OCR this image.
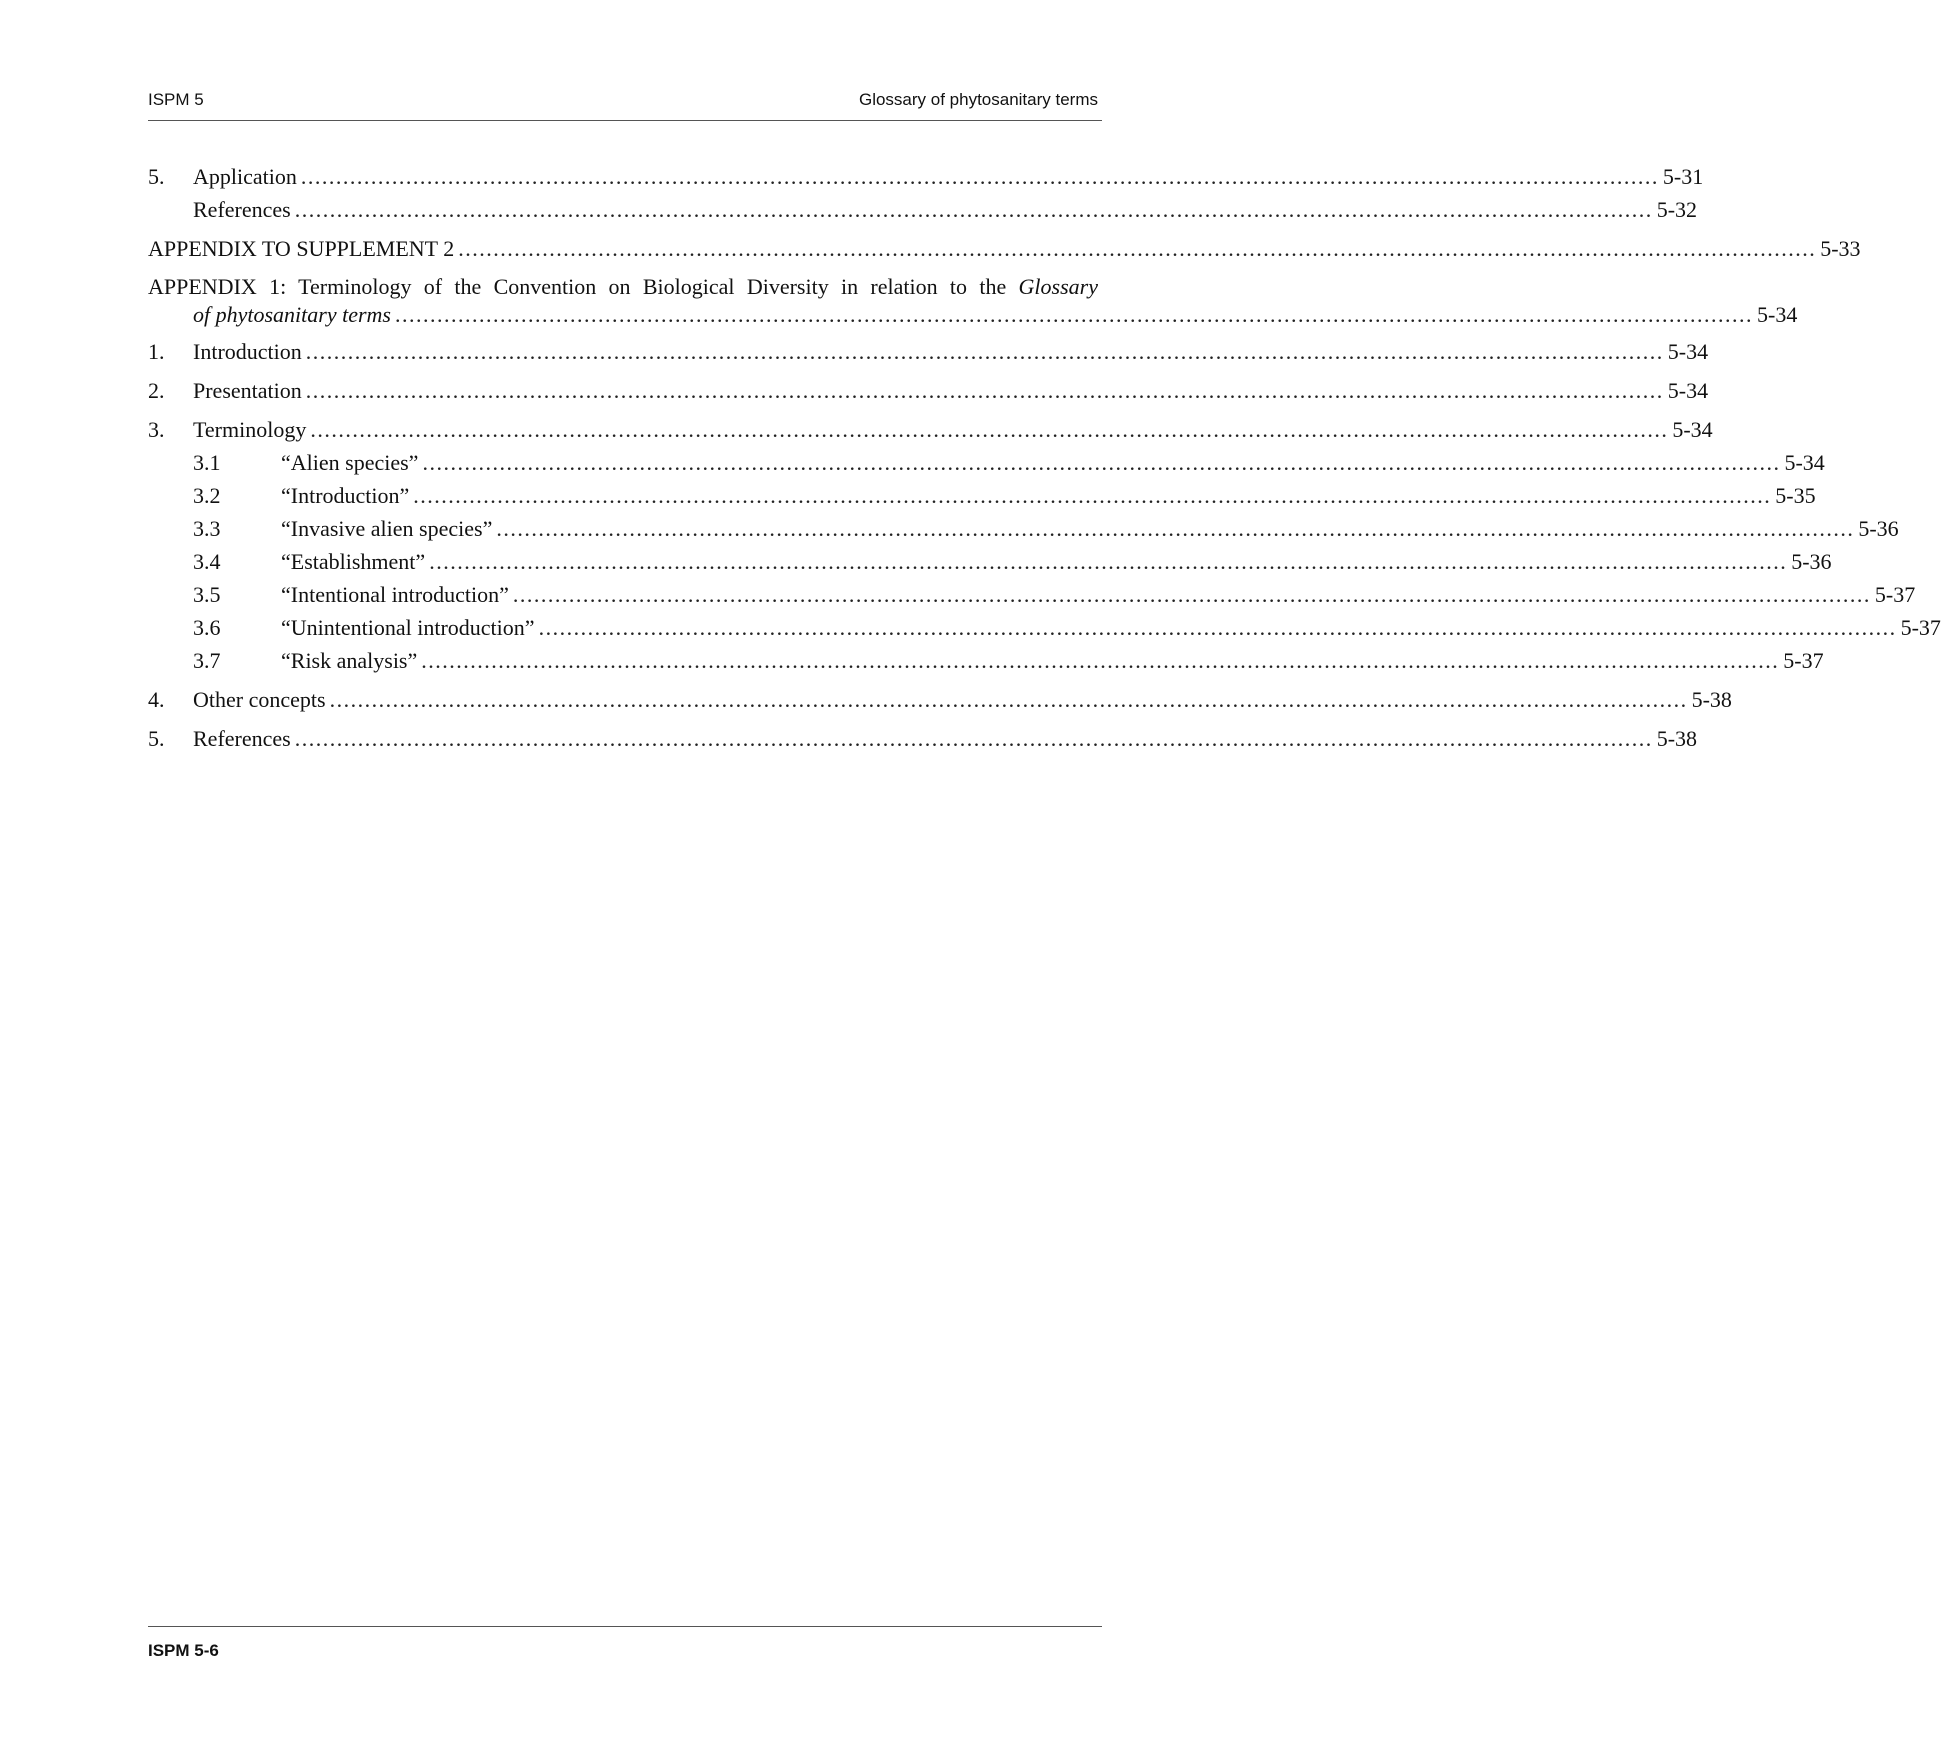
ISPM 5	Glossary of phytosanitary terms
5. Application .................................................................................................................................................................................................. 5-31
References .................................................................................................................................................................................................. 5-32
APPENDIX TO SUPPLEMENT 2 .................................................................................................................................................................................................. 5-33
APPENDIX 1: Terminology of the Convention on Biological Diversity in relation to the Glossary
of phytosanitary terms .................................................................................................................................................................................................. 5-34
1. Introduction .................................................................................................................................................................................................. 5-34
2. Presentation .................................................................................................................................................................................................. 5-34
3. Terminology .................................................................................................................................................................................................. 5-34
3.1	“Alien species” .................................................................................................................................................................................................. 5-34
3.2	“Introduction” .................................................................................................................................................................................................. 5-35
3.3	“Invasive alien species” .................................................................................................................................................................................................. 5-36
3.4	“Establishment” .................................................................................................................................................................................................. 5-36
3.5	“Intentional introduction” .................................................................................................................................................................................................. 5-37
3.6	“Unintentional introduction” .................................................................................................................................................................................................. 5-37
3.7	“Risk analysis” .................................................................................................................................................................................................. 5-37
4. Other concepts .................................................................................................................................................................................................. 5-38
5. References .................................................................................................................................................................................................. 5-38
ISPM 5-6
